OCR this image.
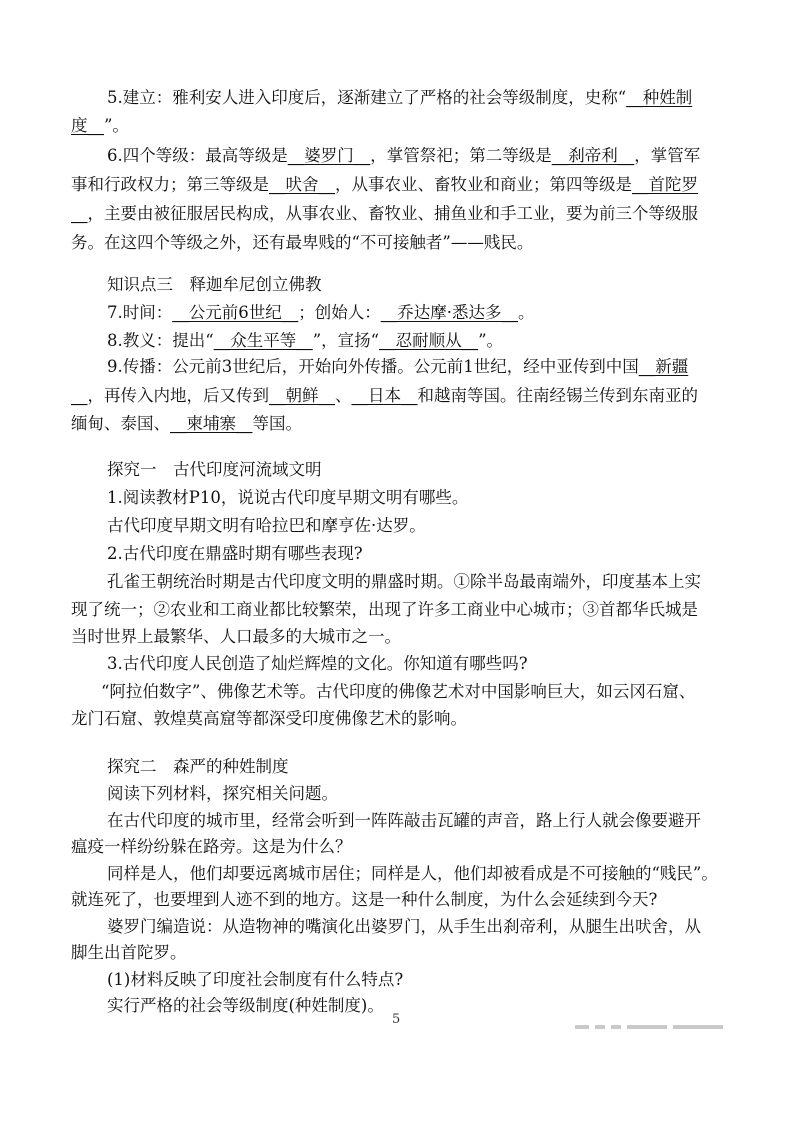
5.建立：雅利安人进入印度后，逐渐建立了严格的社会等级制度，史称“__种姓制
度__”。
6.四个等级：最高等级是__婆罗门__，掌管祭祀；第二等级是__刹帝利__，掌管军
事和行政权力；第三等级是__吠舍__，从事农业、畜牧业和商业；第四等级是__首陀罗
__，主要由被征服居民构成，从事农业、畜牧业、捕鱼业和手工业，要为前三个等级服
务。在这四个等级之外，还有最卑贱的“不可接触者”——贱民。
知识点三　释迦牟尼创立佛教
7.时间：__公元前6世纪__；创始人：__乔达摩·悉达多__。
8.教义：提出“__众生平等__”，宣扬“__忍耐顺从__”。
9.传播：公元前3世纪后，开始向外传播。公元前1世纪，经中亚传到中国__新疆
__，再传入内地，后又传到__朝鲜__、__日本__和越南等国。往南经锡兰传到东南亚的
缅甸、泰国、__柬埔寨__等国。
探究一　古代印度河流域文明
1.阅读教材P10，说说古代印度早期文明有哪些。
古代印度早期文明有哈拉巴和摩亨佐·达罗。
2.古代印度在鼎盛时期有哪些表现?
孔雀王朝统治时期是古代印度文明的鼎盛时期。①除半岛最南端外，印度基本上实
现了统一；②农业和工商业都比较繁荣，出现了许多工商业中心城市；③首都华氏城是
当时世界上最繁华、人口最多的大城市之一。
3.古代印度人民创造了灿烂辉煌的文化。你知道有哪些吗?
“阿拉伯数字”、佛像艺术等。古代印度的佛像艺术对中国影响巨大，如云冈石窟、
龙门石窟、敦煌莫高窟等都深受印度佛像艺术的影响。
探究二　森严的种姓制度
阅读下列材料，探究相关问题。
在古代印度的城市里，经常会听到一阵阵敲击瓦罐的声音，路上行人就会像要避开
瘟疫一样纷纷躲在路旁。这是为什么？
同样是人，他们却要远离城市居住；同样是人，他们却被看成是不可接触的“贱民”。
就连死了，也要埋到人迹不到的地方。这是一种什么制度，为什么会延续到今天?
婆罗门编造说：从造物神的嘴演化出婆罗门，从手生出刹帝利，从腿生出吠舍，从
脚生出首陀罗。
(1)材料反映了印度社会制度有什么特点?
实行严格的社会等级制度(种姓制度)。
5
